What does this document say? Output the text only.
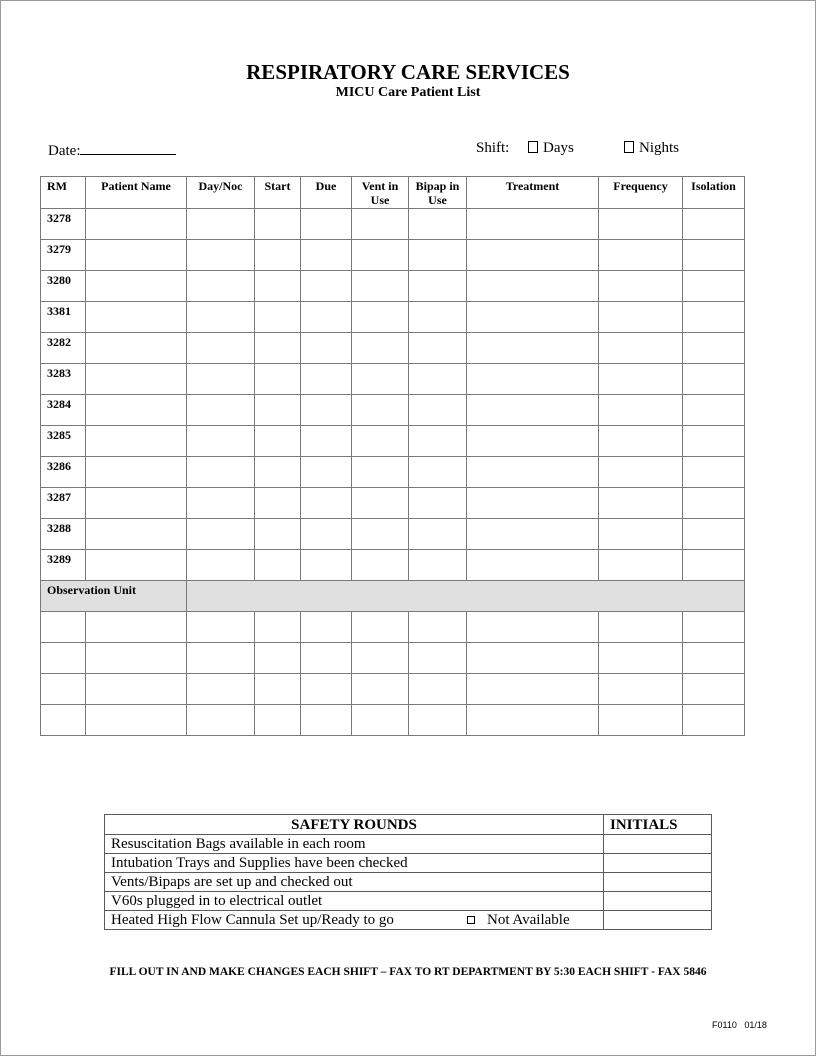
RESPIRATORY CARE SERVICES
MICU Care Patient List
Date:	Shift:	Days	Nights
RM	Patient Name	Day/Noc	Start	Due	Vent in Use	Bipap in Use	Treatment	Frequency	Isolation
3278									
3279									
3280									
3381									
3282									
3283									
3284									
3285									
3286									
3287									
3288									
3289									
Observation Unit									

SAFETY ROUNDS	INITIALS
Resuscitation Bags available in each room	
Intubation Trays and Supplies have been checked	
Vents/Bipaps are set up and checked out	
V60s plugged in to electrical outlet	
Heated High Flow Cannula Set up/Ready to go Not Available	

FILL OUT IN AND MAKE CHANGES EACH SHIFT – FAX TO RT DEPARTMENT BY 5:30 EACH SHIFT - FAX 5846
F0110   01/18
